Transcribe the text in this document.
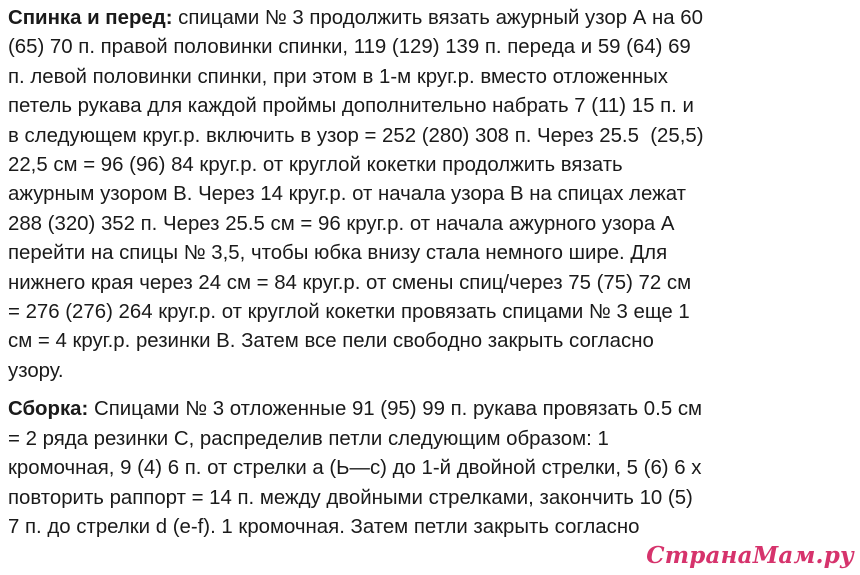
Спинка и перед: спицами № 3 продолжить вязать ажурный узор А на 60
(65) 70 п. правой половинки спинки, 119 (129) 139 п. переда и 59 (64) 69
п. левой половинки спинки, при этом в 1-м круг.р. вместо отложенных
петель рукава для каждой проймы дополнительно набрать 7 (11) 15 п. и
в следующем круг.р. включить в узор = 252 (280) 308 п. Через 25.5  (25,5)
22,5 см = 96 (96) 84 круг.р. от круглой кокетки продолжить вязать
ажурным узором В. Через 14 круг.р. от начала узора В на спицах лежат
288 (320) 352 п. Через 25.5 см = 96 круг.р. от начала ажурного узора А
перейти на спицы № 3,5, чтобы юбка внизу стала немного шире. Для
нижнего края через 24 см = 84 круг.р. от смены спиц/через 75 (75) 72 см
= 276 (276) 264 круг.р. от круглой кокетки провязать спицами № 3 еще 1
см = 4 круг.р. резинки В. Затем все пели свободно закрыть согласно
узору.

Сборка: Спицами № 3 отложенные 91 (95) 99 п. рукава провязать 0.5 см
= 2 ряда резинки С, распределив петли следующим образом: 1
кромочная, 9 (4) 6 п. от стрелки а (Ь—с) до 1-й двойной стрелки, 5 (6) 6 х
повторить раппорт = 14 п. между двойными стрелками, закончить 10 (5)
7 п. до стрелки d (e-f). 1 кромочная. Затем петли закрыть согласно

СтранаМам.ру
